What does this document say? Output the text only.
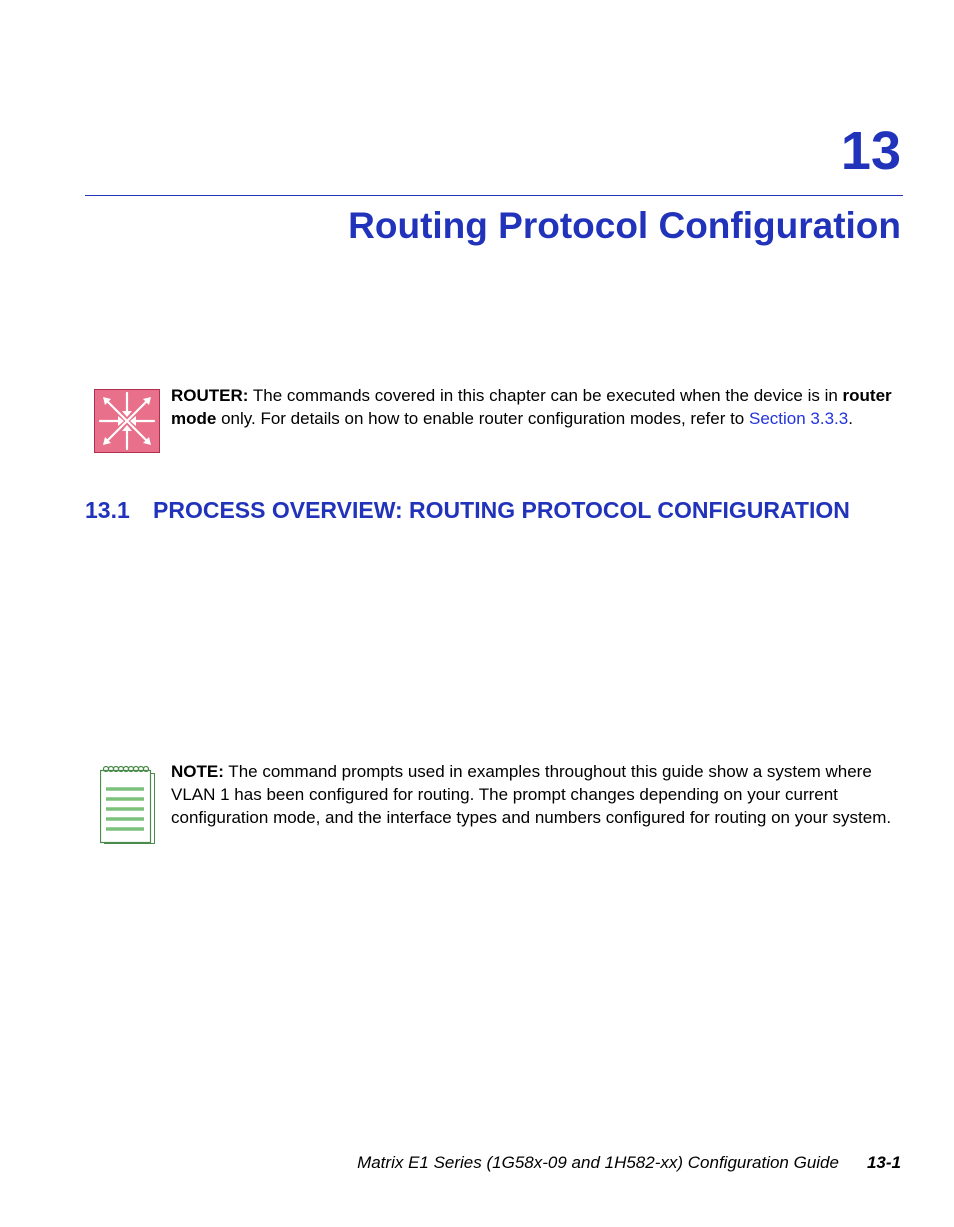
13
Routing Protocol Configuration
ROUTER: The commands covered in this chapter can be executed when the device is in router mode only. For details on how to enable router configuration modes, refer to Section 3.3.3.
13.1 PROCESS OVERVIEW: ROUTING PROTOCOL CONFIGURATION
NOTE: The command prompts used in examples throughout this guide show a system where VLAN 1 has been configured for routing. The prompt changes depending on your current configuration mode, and the interface types and numbers configured for routing on your system.
Matrix E1 Series (1G58x-09 and 1H582-xx) Configuration Guide 13-1
